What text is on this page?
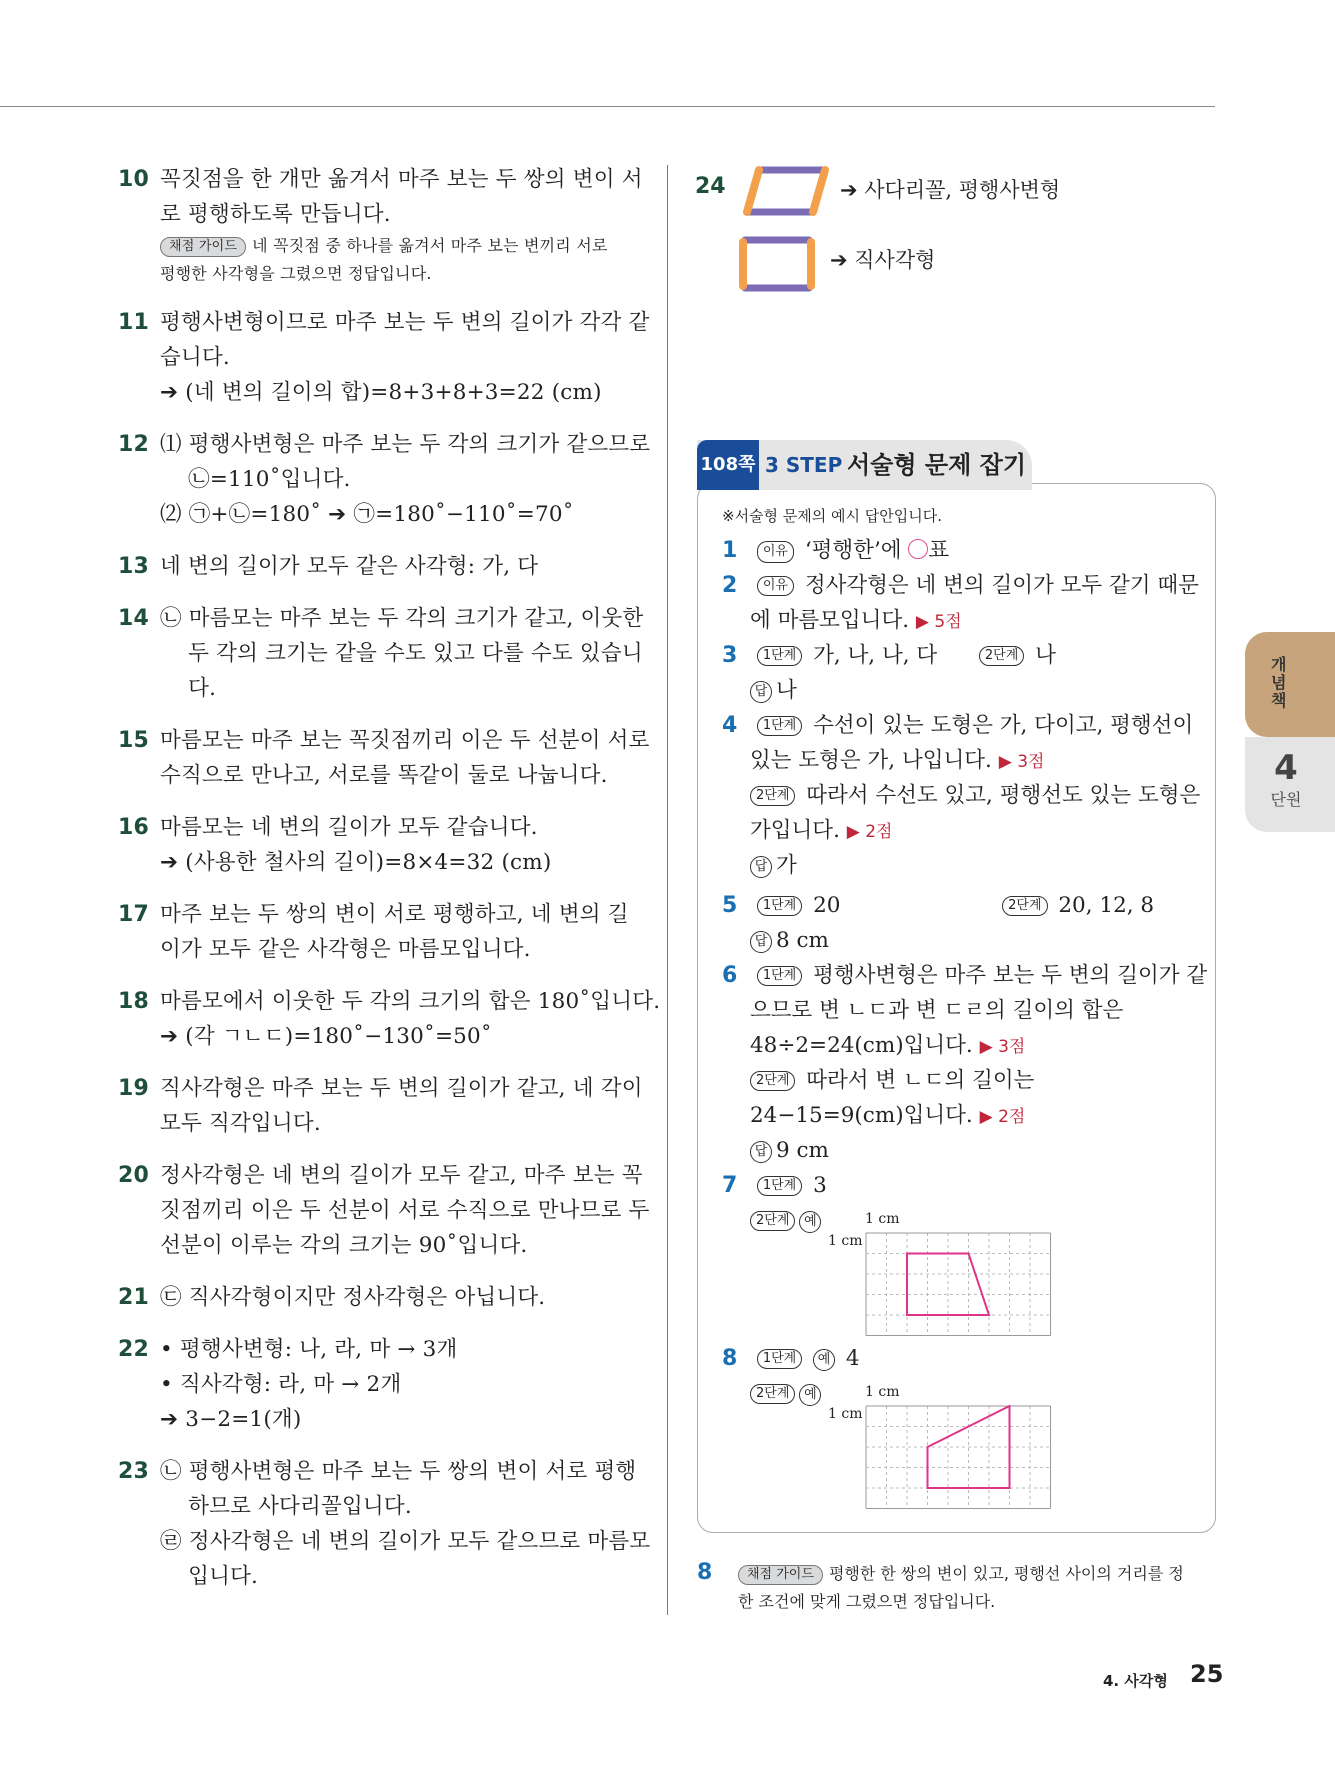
10 꼭짓점을 한 개만 옮겨서 마주 보는 두 쌍의 변이 서
로 평행하도록 만듭니다.
채점 가이드 네 꼭짓점 중 하나를 옮겨서 마주 보는 변끼리 서로
평행한 사각형을 그렸으면 정답입니다.
11 평행사변형이므로 마주 보는 두 변의 길이가 각각 같
습니다.
➔ (네 변의 길이의 합)=8+3+8+3=22 (cm)
12 ⑴ 평행사변형은 마주 보는 두 각의 크기가 같으므로
㉡=110˚입니다.
⑵ ㉠+㉡=180˚ ➔ ㉠=180˚−110˚=70˚
13 네 변의 길이가 모두 같은 사각형: 가, 다
14 ㉡ 마름모는 마주 보는 두 각의 크기가 같고, 이웃한
두 각의 크기는 같을 수도 있고 다를 수도 있습니
다.
15 마름모는 마주 보는 꼭짓점끼리 이은 두 선분이 서로
수직으로 만나고, 서로를 똑같이 둘로 나눕니다.
16 마름모는 네 변의 길이가 모두 같습니다.
➔ (사용한 철사의 길이)=8×4=32 (cm)
17 마주 보는 두 쌍의 변이 서로 평행하고, 네 변의 길
이가 모두 같은 사각형은 마름모입니다.
18 마름모에서 이웃한 두 각의 크기의 합은 180˚입니다.
➔ (각 ㄱㄴㄷ)=180˚−130˚=50˚
19 직사각형은 마주 보는 두 변의 길이가 같고, 네 각이
모두 직각입니다.
20 정사각형은 네 변의 길이가 모두 같고, 마주 보는 꼭
짓점끼리 이은 두 선분이 서로 수직으로 만나므로 두
선분이 이루는 각의 크기는 90˚입니다.
21 ㉢ 직사각형이지만 정사각형은 아닙니다.
22 • 평행사변형: 나, 라, 마 → 3개
• 직사각형: 라, 마 → 2개
➔ 3−2=1(개)
23 ㉡ 평행사변형은 마주 보는 두 쌍의 변이 서로 평행
하므로 사다리꼴입니다.
㉣ 정사각형은 네 변의 길이가 모두 같으므로 마름모
입니다.
24	➔ 사다리꼴, 평행사변형
➔ 직사각형
108쪽 3 STEP 서술형 문제 잡기
※서술형 문제의 예시 답안입니다.
1 이유 ‘평행한’에 ○표
2 이유 정사각형은 네 변의 길이가 모두 같기 때문
에 마름모입니다. ▶ 5점
3 1단계 가, 나, 나, 다	2단계 나
답 나
4 1단계 수선이 있는 도형은 가, 다이고, 평행선이
있는 도형은 가, 나입니다. ▶ 3점
2단계 따라서 수선도 있고, 평행선도 있는 도형은
가입니다. ▶ 2점
답 가
5 1단계 20	2단계 20, 12, 8
답 8 cm
6 1단계 평행사변형은 마주 보는 두 변의 길이가 같
으므로 변 ㄴㄷ과 변 ㄷㄹ의 길이의 합은
48÷2=24(cm)입니다. ▶ 3점
2단계 따라서 변 ㄴㄷ의 길이는
24−15=9(cm)입니다. ▶ 2점
답 9 cm
7 1단계 3
2단계 예	1 cm
1 cm
8 1단계 예 4
2단계 예	1 cm
1 cm
8	채점 가이드 평행한 한 쌍의 변이 있고, 평행선 사이의 거리를 정
한 조건에 맞게 그렸으면 정답입니다.
개념책
4
단원
4. 사각형 25
